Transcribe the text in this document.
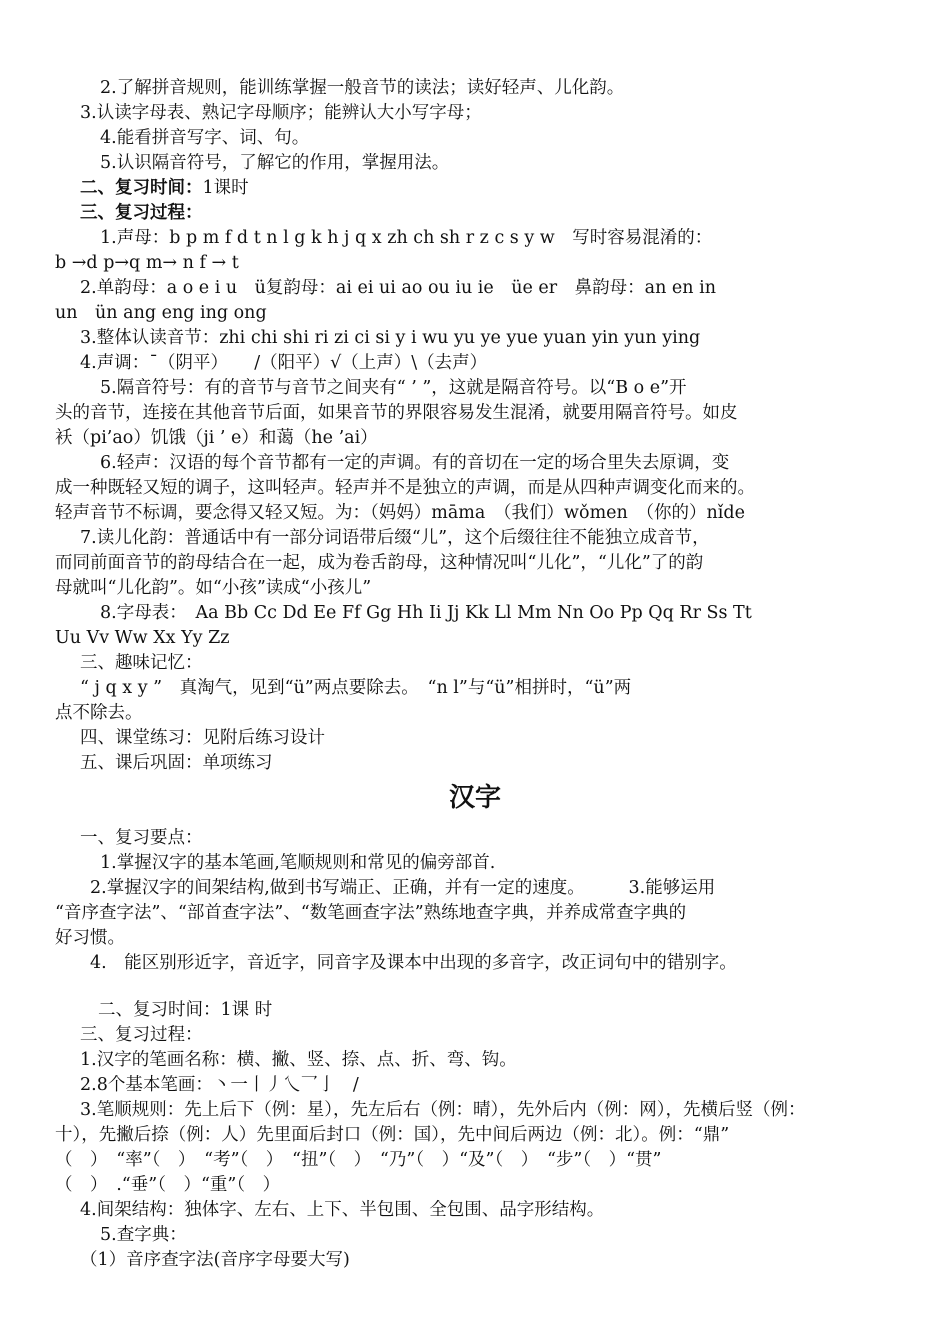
2.了解拼音规则，能训练掌握一般音节的读法；读好轻声、儿化韵。
3.认读字母表、熟记字母顺序；能辨认大小写字母；
4.能看拼音写字、词、句。
5.认识隔音符号，了解它的作用，掌握用法。
二、复习时间：1课时
三、复习过程：
1.声母：b p m f d t n l g k h j q x zh ch sh r z c s y w　写时容易混淆的：
b →d p→q m→ n f → t
2.单韵母：a o e i u　ü复韵母：ai ei ui ao ou iu ie　üe er　鼻韵母：an en in
un　ün ang eng ing ong
3.整体认读音节：zhi chi shi ri zi ci si y i wu yu ye yue yuan yin yun ying
4.声调：¯（阴平）　　/（阳平）√（上声）\（去声）
5.隔音符号：有的音节与音节之间夹有“ ’ ”，这就是隔音符号。以“B o e”开
头的音节，连接在其他音节后面，如果音节的界限容易发生混淆，就要用隔音符号。如皮
袄（pi’ao）饥饿（ji ’ e）和蔼（he ’ai）
6.轻声：汉语的每个音节都有一定的声调。有的音切在一定的场合里失去原调，变
成一种既轻又短的调子，这叫轻声。轻声并不是独立的声调，而是从四种声调变化而来的。
轻声音节不标调，要念得又轻又短。为：（妈妈）māma　（我们）wǒmen　（你的）nǐde
7.读儿化韵：普通话中有一部分词语带后缀“儿”，这个后缀往往不能独立成音节，
而同前面音节的韵母结合在一起，成为卷舌韵母，这种情况叫“儿化”，“儿化”了的韵
母就叫“儿化韵”。如“小孩”读成“小孩儿”
8.字母表：　Aa Bb Cc Dd Ee Ff Gg Hh Ii Jj Kk Ll Mm Nn Oo Pp Qq Rr Ss Tt
Uu Vv Ww Xx Yy Zz
三、趣味记忆：
“ j q x y ”　真淘气，见到“ü”两点要除去。　“n l”与“ü”相拼时，“ü”两
点不除去。
四、课堂练习：见附后练习设计
五、课后巩固：单项练习
汉字
一、复习要点：
1.掌握汉字的基本笔画,笔顺规则和常见的偏旁部首.
2.掌握汉字的间架结构,做到书写端正、正确，并有一定的速度。　　　3.能够运用
“音序查字法”、“部首查字法”、“数笔画查字法”熟练地查字典，并养成常查字典的
好习惯。
4.　能区别形近字，音近字，同音字及课本中出现的多音字，改正词句中的错别字。
二、复习时间：1课 时
三、复习过程：
1.汉字的笔画名称：横、撇、竖、捺、点、折、弯、钩。
2.8个基本笔画：丶一丨丿乀乛亅　/
3.笔顺规则：先上后下（例：星），先左后右（例：晴），先外后内（例：网），先横后竖（例：
十），先撇后捺（例：人）先里面后封口（例：国），先中间后两边（例：北）。例：“鼎”
（　）　“率”（　）　“考”（　）　“扭”（　）　“乃”（　）“及”（　）　“步”（　）“贯”
（　）　.“垂”（　）“重”（　）
4.间架结构：独体字、左右、上下、半包围、全包围、品字形结构。
5.查字典：
（1）音序查字法(音序字母要大写)
